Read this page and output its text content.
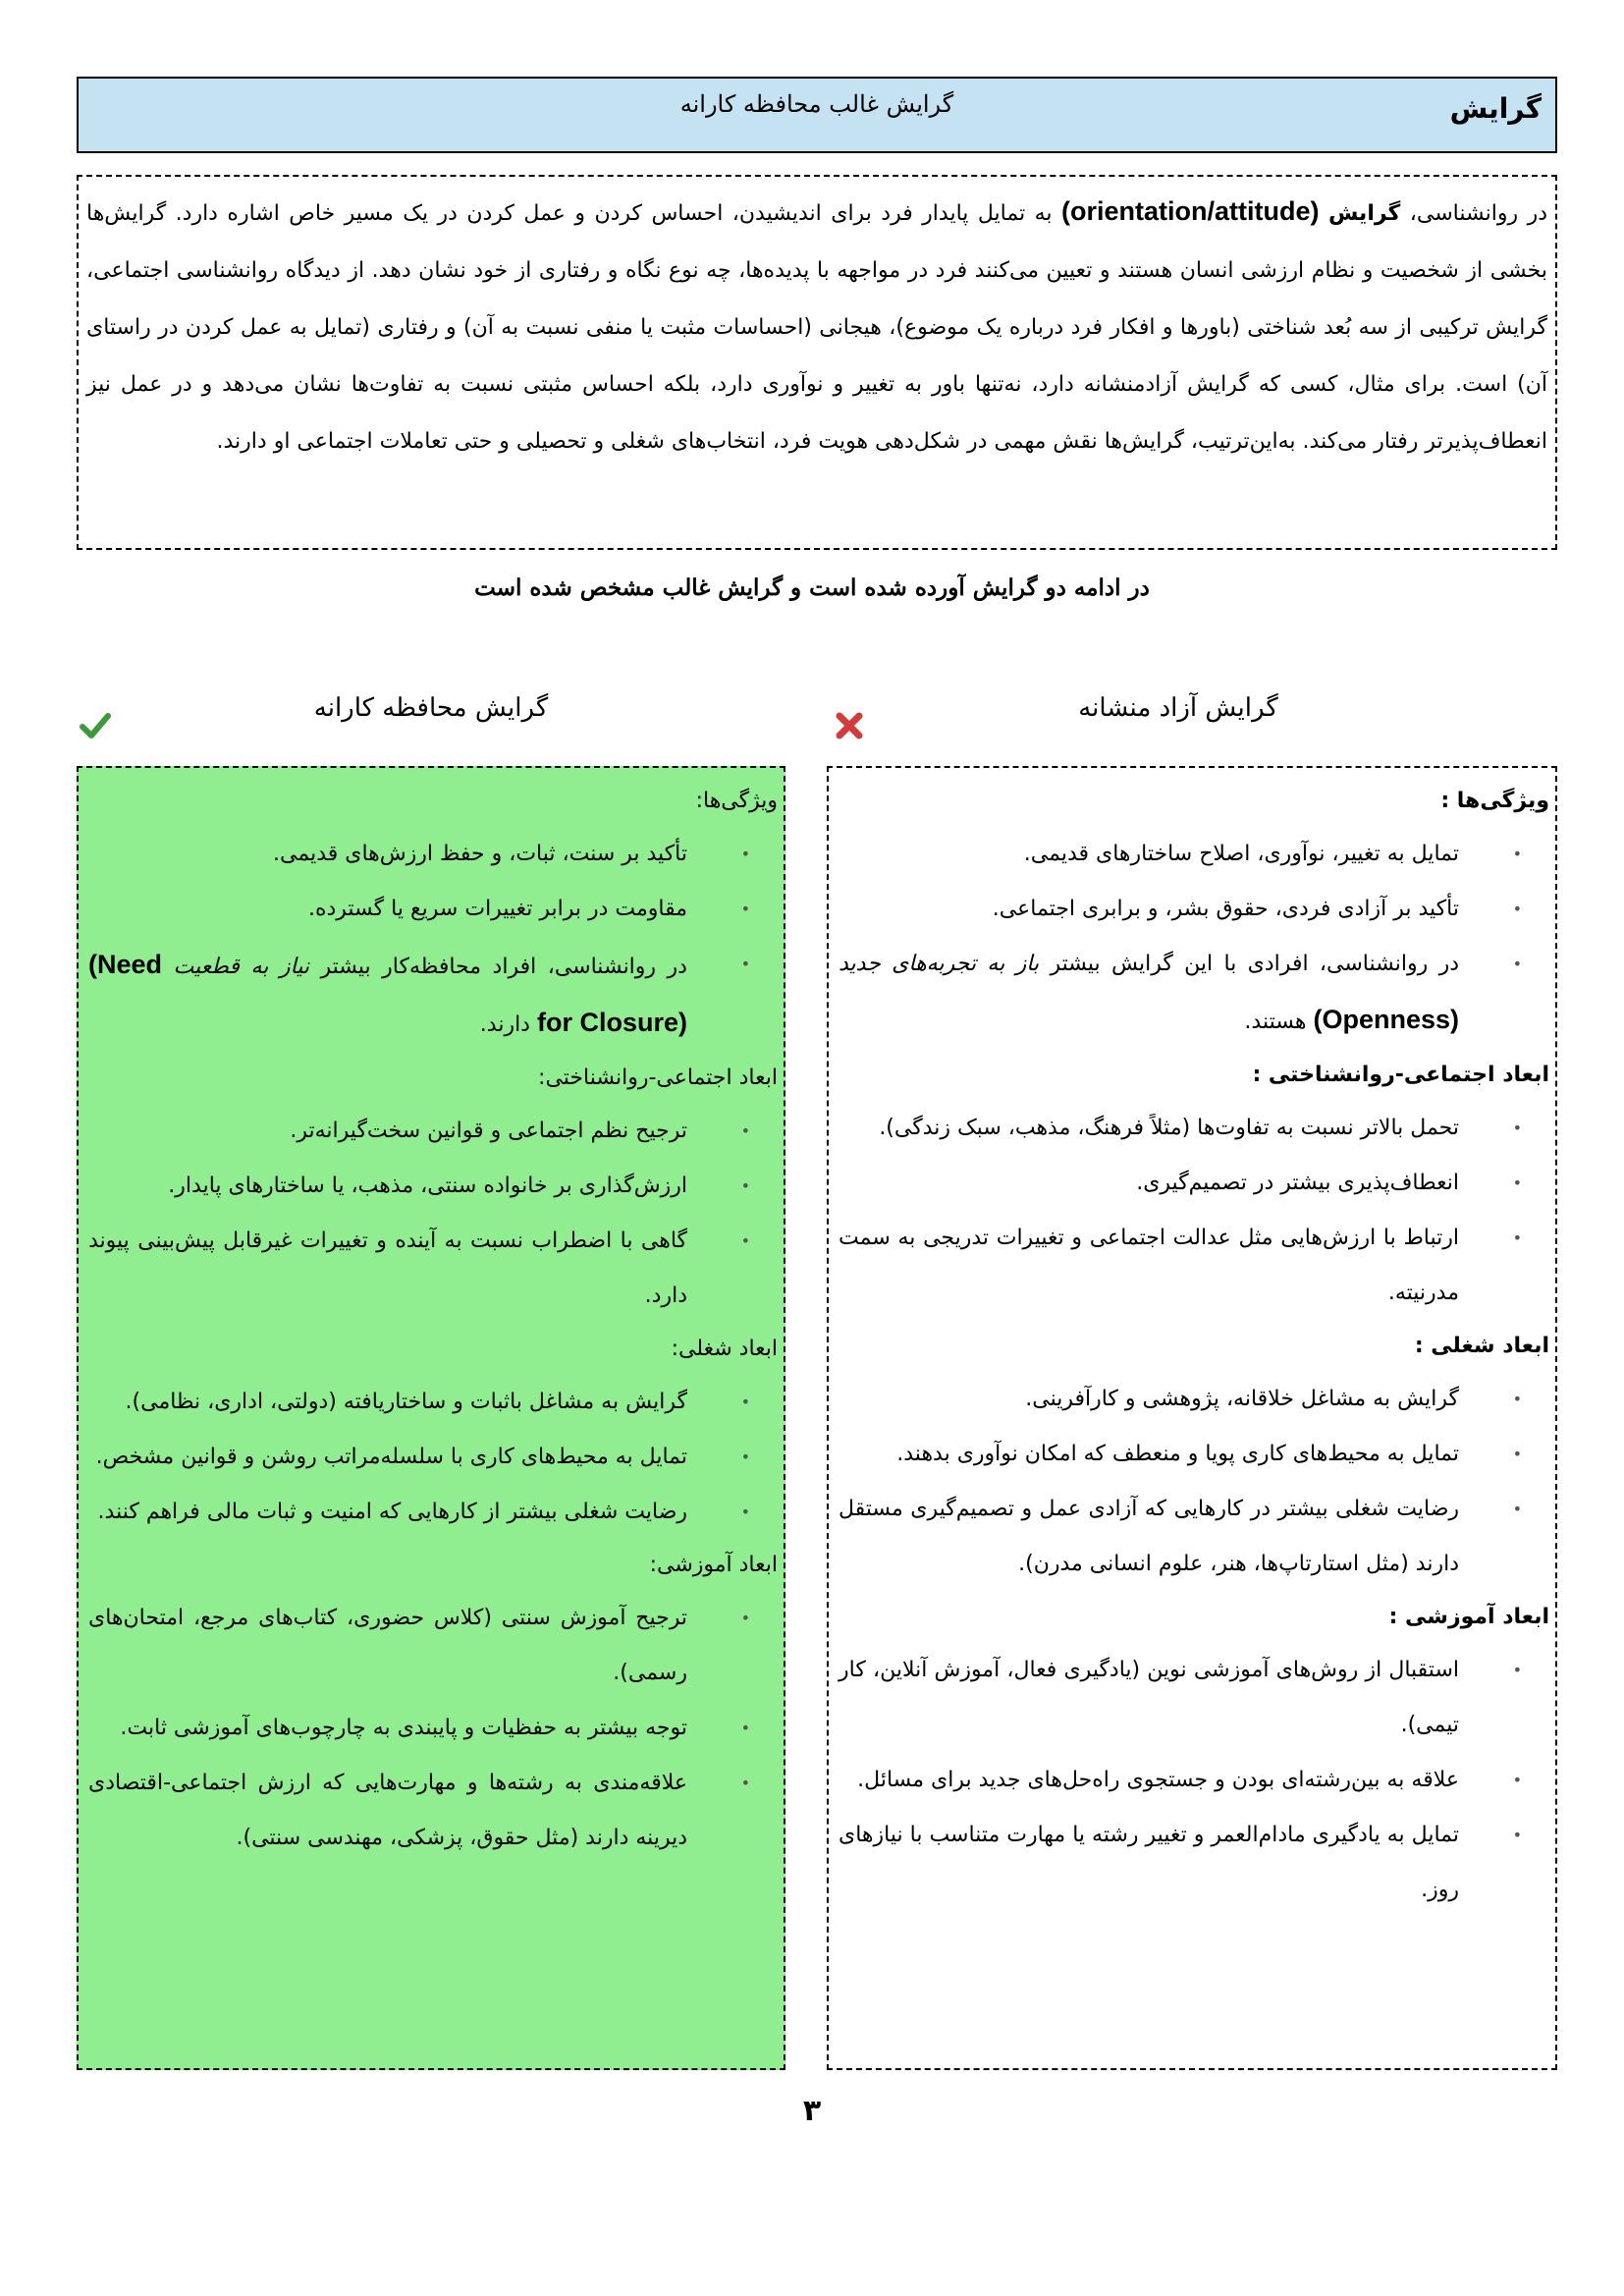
گرایش
گرایش غالب محافظه کارانه
در روانشناسی، گرایش (orientation/attitude) به تمایل پایدار فرد برای اندیشیدن، احساس کردن و عمل کردن در یک مسیر خاص اشاره دارد. گرایش‌ها بخشی از شخصیت و نظام ارزشی انسان هستند و تعیین می‌کنند فرد در مواجهه با پدیده‌ها، چه نوع نگاه و رفتاری از خود نشان دهد. از دیدگاه روانشناسی اجتماعی، گرایش ترکیبی از سه بُعد شناختی (باورها و افکار فرد درباره یک موضوع)، هیجانی (احساسات مثبت یا منفی نسبت به آن) و رفتاری (تمایل به عمل کردن در راستای آن) است. برای مثال، کسی که گرایش آزادمنشانه دارد، نه‌تنها باور به تغییر و نوآوری دارد، بلکه احساس مثبتی نسبت به تفاوت‌ها نشان می‌دهد و در عمل نیز انعطاف‌پذیرتر رفتار می‌کند. به‌این‌ترتیب، گرایش‌ها نقش مهمی در شکل‌دهی هویت فرد، انتخاب‌های شغلی و تحصیلی و حتی تعاملات اجتماعی او دارند.
در ادامه دو گرایش آورده شده است و گرایش غالب مشخص شده است
گرایش محافظه کارانه	گرایش آزاد منشانه

ویژگی‌ها:

•
تأکید بر سنت، ثبات، و حفظ ارزش‌های قدیمی.
•
مقاومت در برابر تغییرات سریع یا گسترده.
•
در روانشناسی، افراد محافظه‌کار بیشتر نیاز به قطعیت (Need for Closure) دارند.

ابعاد اجتماعی-روانشناختی:

•
ترجیح نظم اجتماعی و قوانین سخت‌گیرانه‌تر.
•
ارزش‌گذاری بر خانواده سنتی، مذهب، یا ساختارهای پایدار.
•
گاهی با اضطراب نسبت به آینده و تغییرات غیرقابل پیش‌بینی پیوند دارد.

ابعاد شغلی:

•
گرایش به مشاغل باثبات و ساختاریافته (دولتی، اداری، نظامی).
•
تمایل به محیط‌های کاری با سلسله‌مراتب روشن و قوانین مشخص.
•
رضایت شغلی بیشتر از کارهایی که امنیت و ثبات مالی فراهم کنند.

ابعاد آموزشی:

•
ترجیح آموزش سنتی (کلاس حضوری، کتاب‌های مرجع، امتحان‌های رسمی).
•
توجه بیشتر به حفظیات و پایبندی به چارچوب‌های آموزشی ثابت.
•
علاقه‌مندی به رشته‌ها و مهارت‌هایی که ارزش اجتماعی-اقتصادی دیرینه دارند (مثل حقوق، پزشکی، مهندسی سنتی).

ویژگی‌ها :

•
تمایل به تغییر، نوآوری، اصلاح ساختارهای قدیمی.
•
تأکید بر آزادی فردی، حقوق بشر، و برابری اجتماعی.
•
در روانشناسی، افرادی با این گرایش بیشتر باز به تجربه‌های جدید (Openness) هستند.

ابعاد اجتماعی-روانشناختی :

•
تحمل بالاتر نسبت به تفاوت‌ها (مثلاً فرهنگ، مذهب، سبک زندگی).
•
انعطاف‌پذیری بیشتر در تصمیم‌گیری.
•
ارتباط با ارزش‌هایی مثل عدالت اجتماعی و تغییرات تدریجی به سمت مدرنیته.

ابعاد شغلی :

•
گرایش به مشاغل خلاقانه، پژوهشی و کارآفرینی.
•
تمایل به محیط‌های کاری پویا و منعطف که امکان نوآوری بدهند.
•
رضایت شغلی بیشتر در کارهایی که آزادی عمل و تصمیم‌گیری مستقل دارند (مثل استارتاپ‌ها، هنر، علوم انسانی مدرن).

ابعاد آموزشی :

•
استقبال از روش‌های آموزشی نوین (یادگیری فعال، آموزش آنلاین، کار تیمی).
•
علاقه به بین‌رشته‌ای بودن و جستجوی راه‌حل‌های جدید برای مسائل.
•
تمایل به یادگیری مادام‌العمر و تغییر رشته یا مهارت متناسب با نیازهای روز.
۳
